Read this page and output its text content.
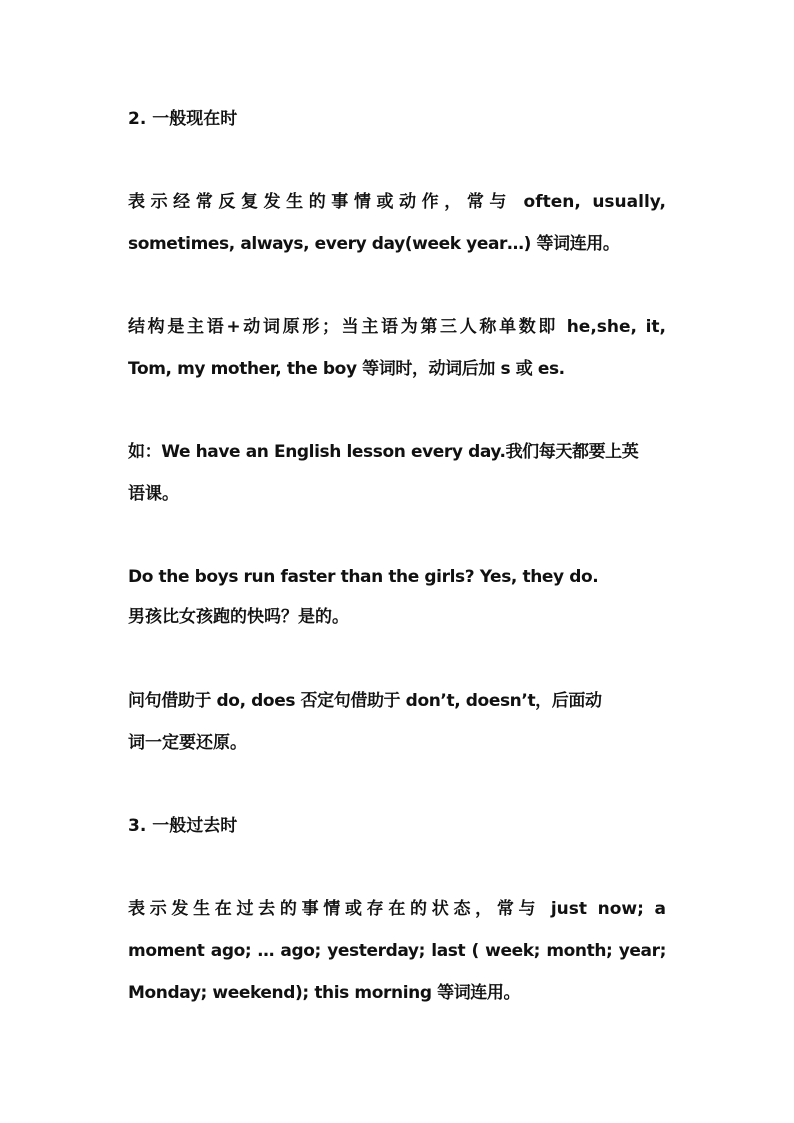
2. 一般现在时
表示经常反复发生的事情或动作，常与 often, usually,
sometimes, always, every day(week year…) 等词连用。
结构是主语+动词原形；当主语为第三人称单数即 he,she, it,
Tom, my mother, the boy 等词时，动词后加 s 或 es.
如：We have an English lesson every day.我们每天都要上英
语课。
Do the boys run faster than the girls? Yes, they do.
男孩比女孩跑的快吗？是的。
问句借助于 do, does 否定句借助于 don’t, doesn’t，后面动
词一定要还原。
3. 一般过去时
表示发生在过去的事情或存在的状态，常与 just now; a
moment ago; … ago; yesterday; last ( week; month; year;
Monday; weekend); this morning 等词连用。
